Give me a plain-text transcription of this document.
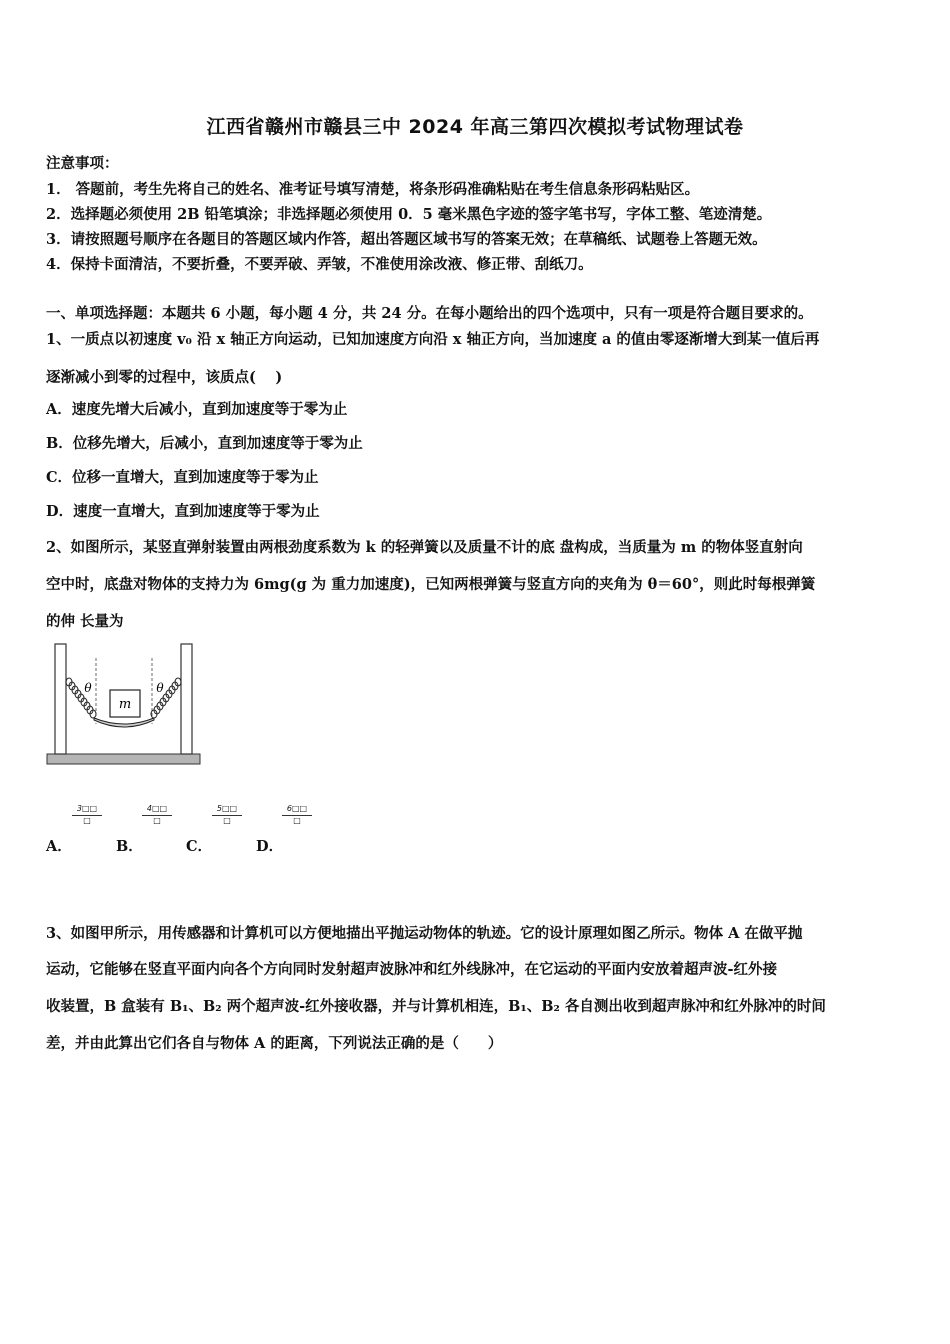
江西省赣州市赣县三中 2024 年高三第四次模拟考试物理试卷
注意事项：
1． 答题前，考生先将自己的姓名、准考证号填写清楚，将条形码准确粘贴在考生信息条形码粘贴区。
2．选择题必须使用 2B 铅笔填涂；非选择题必须使用 0．5 毫米黑色字迹的签字笔书写，字体工整、笔迹清楚。
3．请按照题号顺序在各题目的答题区域内作答，超出答题区域书写的答案无效；在草稿纸、试题卷上答题无效。
4．保持卡面清洁，不要折叠，不要弄破、弄皱，不准使用涂改液、修正带、刮纸刀。
一、单项选择题：本题共 6 小题，每小题 4 分，共 24 分。在每小题给出的四个选项中，只有一项是符合题目要求的。
1、一质点以初速度 v₀ 沿 x 轴正方向运动，已知加速度方向沿 x 轴正方向，当加速度 a 的值由零逐渐增大到某一值后再
逐渐减小到零的过程中，该质点(　 )
A．速度先增大后减小，直到加速度等于零为止
B．位移先增大，后减小，直到加速度等于零为止
C．位移一直增大，直到加速度等于零为止
D．速度一直增大，直到加速度等于零为止
2、如图所示，某竖直弹射装置由两根劲度系数为 k 的轻弹簧以及质量不计的底 盘构成，当质量为 m 的物体竖直射向
空中时，底盘对物体的支持力为 6mg(g 为 重力加速度)，已知两根弹簧与竖直方向的夹角为 θ＝60°，则此时每根弹簧
的伸 长量为
m
θ	θ
A．
3□□
□
B．
4□□
□
C．
5□□
□
D．
6□□
□
3、如图甲所示，用传感器和计算机可以方便地描出平抛运动物体的轨迹。它的设计原理如图乙所示。物体 A 在做平抛
运动，它能够在竖直平面内向各个方向同时发射超声波脉冲和红外线脉冲，在它运动的平面内安放着超声波-红外接
收装置，B 盒装有 B₁、B₂ 两个超声波-红外接收器，并与计算机相连，B₁、B₂ 各自测出收到超声脉冲和红外脉冲的时间
差，并由此算出它们各自与物体 A 的距离，下列说法正确的是（　　）
